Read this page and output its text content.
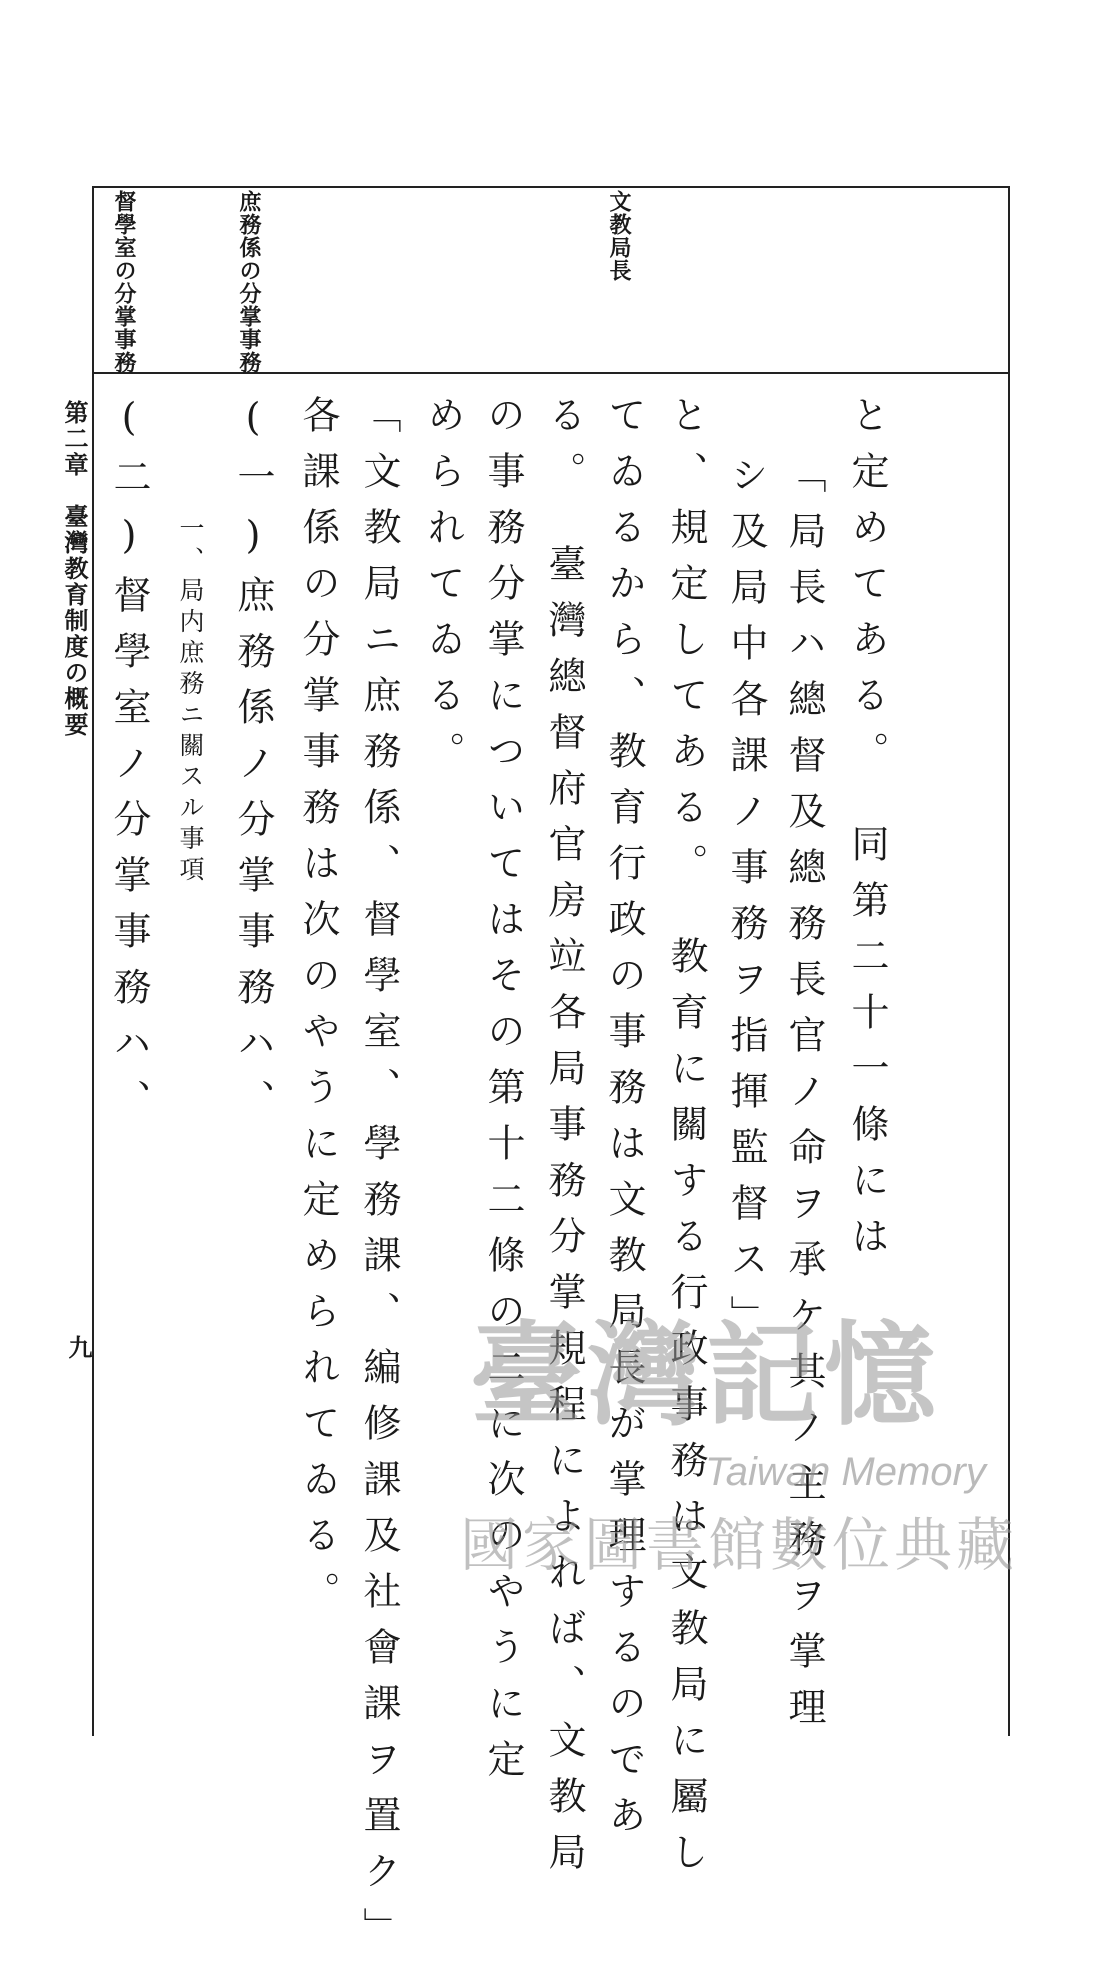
文教局長
庶務係の分掌事務
督學室の分掌事務
第二章　臺灣教育制度の概要
九
と定めてある。　同第二十一條には
「局長ハ總督及總務長官ノ命ヲ承ケ其ノ主務ヲ掌理
シ及局中各課ノ事務ヲ指揮監督ス」
と、規定してある。　教育に關する行政事務は文教局に屬し
てゐるから、教育行政の事務は文教局長が掌理するのであ
る。　臺灣總督府官房竝各局事務分掌規程によれば、文教局
の事務分掌についてはその第十二條の二に次のやうに定
められてゐる。
「文教局ニ庶務係、督學室、學務課、編修課及社會課ヲ置ク」
各課係の分掌事務は次のやうに定められてゐる。
(一)庶務係ノ分掌事務ハ、
一、局内庶務ニ關スル事項
(二)督學室ノ分掌事務ハ、
臺灣記憶
Taiwan Memory
國家圖書館數位典藏
